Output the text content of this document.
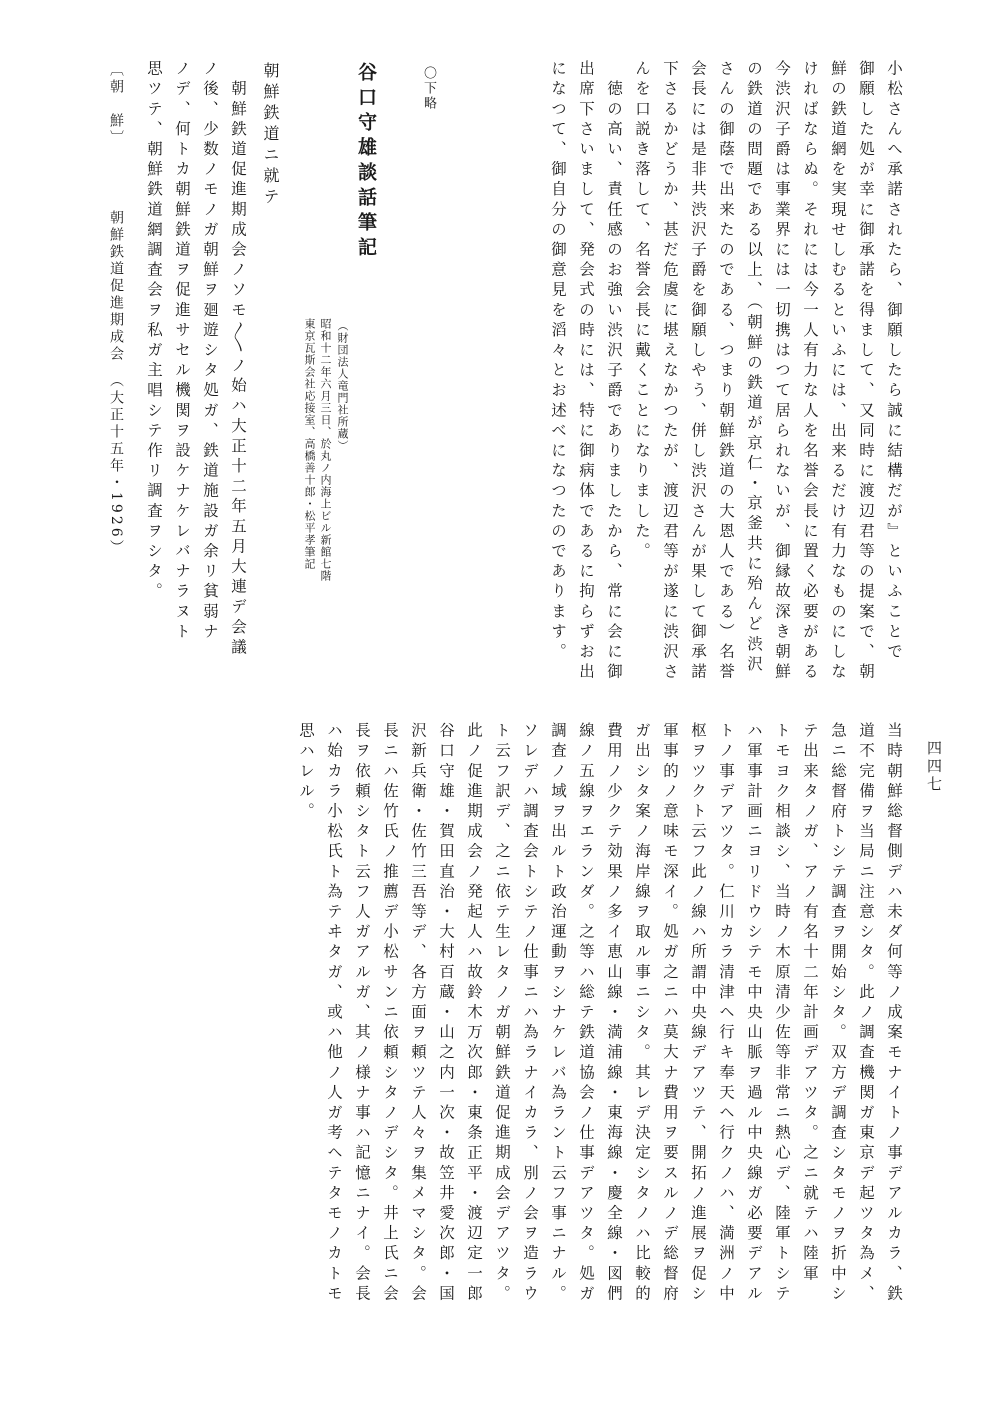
小松さんへ承諾されたら、御願したら誠に結構だが』といふことで
御願した処が幸に御承諾を得まして、又同時に渡辺君等の提案で、朝
鮮の鉄道網を実現せしむるといふには、出来るだけ有力なものにしな
ければならぬ。それには今一人有力な人を名誉会長に置く必要がある
今渋沢子爵は事業界には一切携はつて居られないが、御縁故深き朝鮮
の鉄道の問題である以上、（朝鮮の鉄道が京仁・京釜共に殆んど渋沢
さんの御蔭で出来たのである、つまり朝鮮鉄道の大恩人である）名誉
会長には是非共渋沢子爵を御願しやう、併し渋沢さんが果して御承諾
下さるかどうか、甚だ危虞に堪えなかつたが、渡辺君等が遂に渋沢さ
んを口説き落して、名誉会長に戴くことになりました。
　徳の高い、責任感のお強い渋沢子爵でありましたから、常に会に御
出席下さいまして、発会式の時には、特に御病体であるに拘らずお出
になつて、御自分の御意見を滔々とお述べになつたのであります。
〇下略
谷口守雄談話筆記
（財団法人竜門社所蔵）
昭和十二年六月三日、於丸ノ内海上ビル新館七階
東京瓦斯会社応接室、高橋善十郎・松平孝筆記
朝鮮鉄道ニ就テ
　朝鮮鉄道促進期成会ノソモ〳〵ノ始ハ大正十二年五月大連デ会議
ノ後、少数ノモノガ朝鮮ヲ廻遊シタ処ガ、鉄道施設ガ余リ貧弱ナ
ノデ、何トカ朝鮮鉄道ヲ促進サセル機関ヲ設ケナケレバナラヌト
思ツテ、朝鮮鉄道網調査会ヲ私ガ主唱シテ作リ調査ヲシタ。
〔朝　鮮〕
朝鮮鉄道促進期成会　（大正十五年・1926）
四四七
当時朝鮮総督側デハ未ダ何等ノ成案モナイトノ事デアルカラ、鉄
道不完備ヲ当局ニ注意シタ。此ノ調査機関ガ東京デ起ツタ為メ、
急ニ総督府トシテ調査ヲ開始シタ。双方デ調査シタモノヲ折中シ
テ出来タノガ、アノ有名十二年計画デアツタ。之ニ就テハ陸軍
トモヨク相談シ、当時ノ木原清少佐等非常ニ熱心デ、陸軍トシテ
ハ軍事計画ニヨリドウシテモ中央山脈ヲ過ル中央線ガ必要デアル
トノ事デアツタ。仁川カラ清津ヘ行キ奉天ヘ行クノハ、満洲ノ中
枢ヲツクト云フ此ノ線ハ所謂中央線デアツテ、開拓ノ進展ヲ促シ
軍事的ノ意味モ深イ。処ガ之ニハ莫大ナ費用ヲ要スルノデ総督府
ガ出シタ案ノ海岸線ヲ取ル事ニシタ。其レデ決定シタノハ比較的
費用ノ少クテ効果ノ多イ恵山線・満浦線・東海線・慶全線・図們
線ノ五線ヲエランダ。之等ハ総テ鉄道協会ノ仕事デアツタ。処ガ
調査ノ域ヲ出ルト政治運動ヲシナケレバ為ラント云フ事ニナル。
ソレデハ調査会トシテノ仕事ニハ為ラナイカラ、別ノ会ヲ造ラウ
ト云フ訳デ、之ニ依テ生レタノガ朝鮮鉄道促進期成会デアツタ。
此ノ促進期成会ノ発起人ハ故鈴木万次郎・東条正平・渡辺定一郎
谷口守雄・賀田直治・大村百蔵・山之内一次・故笠井愛次郎・国
沢新兵衛・佐竹三吾等デ、各方面ヲ頼ツテ人々ヲ集メマシタ。会
長ニハ佐竹氏ノ推薦デ小松サンニ依頼シタノデシタ。井上氏ニ会
長ヲ依頼シタト云フ人ガアルガ、其ノ様ナ事ハ記憶ニナイ。会長
ハ始カラ小松氏ト為テヰタガ、或ハ他ノ人ガ考ヘテタモノカトモ
思ハレル。
